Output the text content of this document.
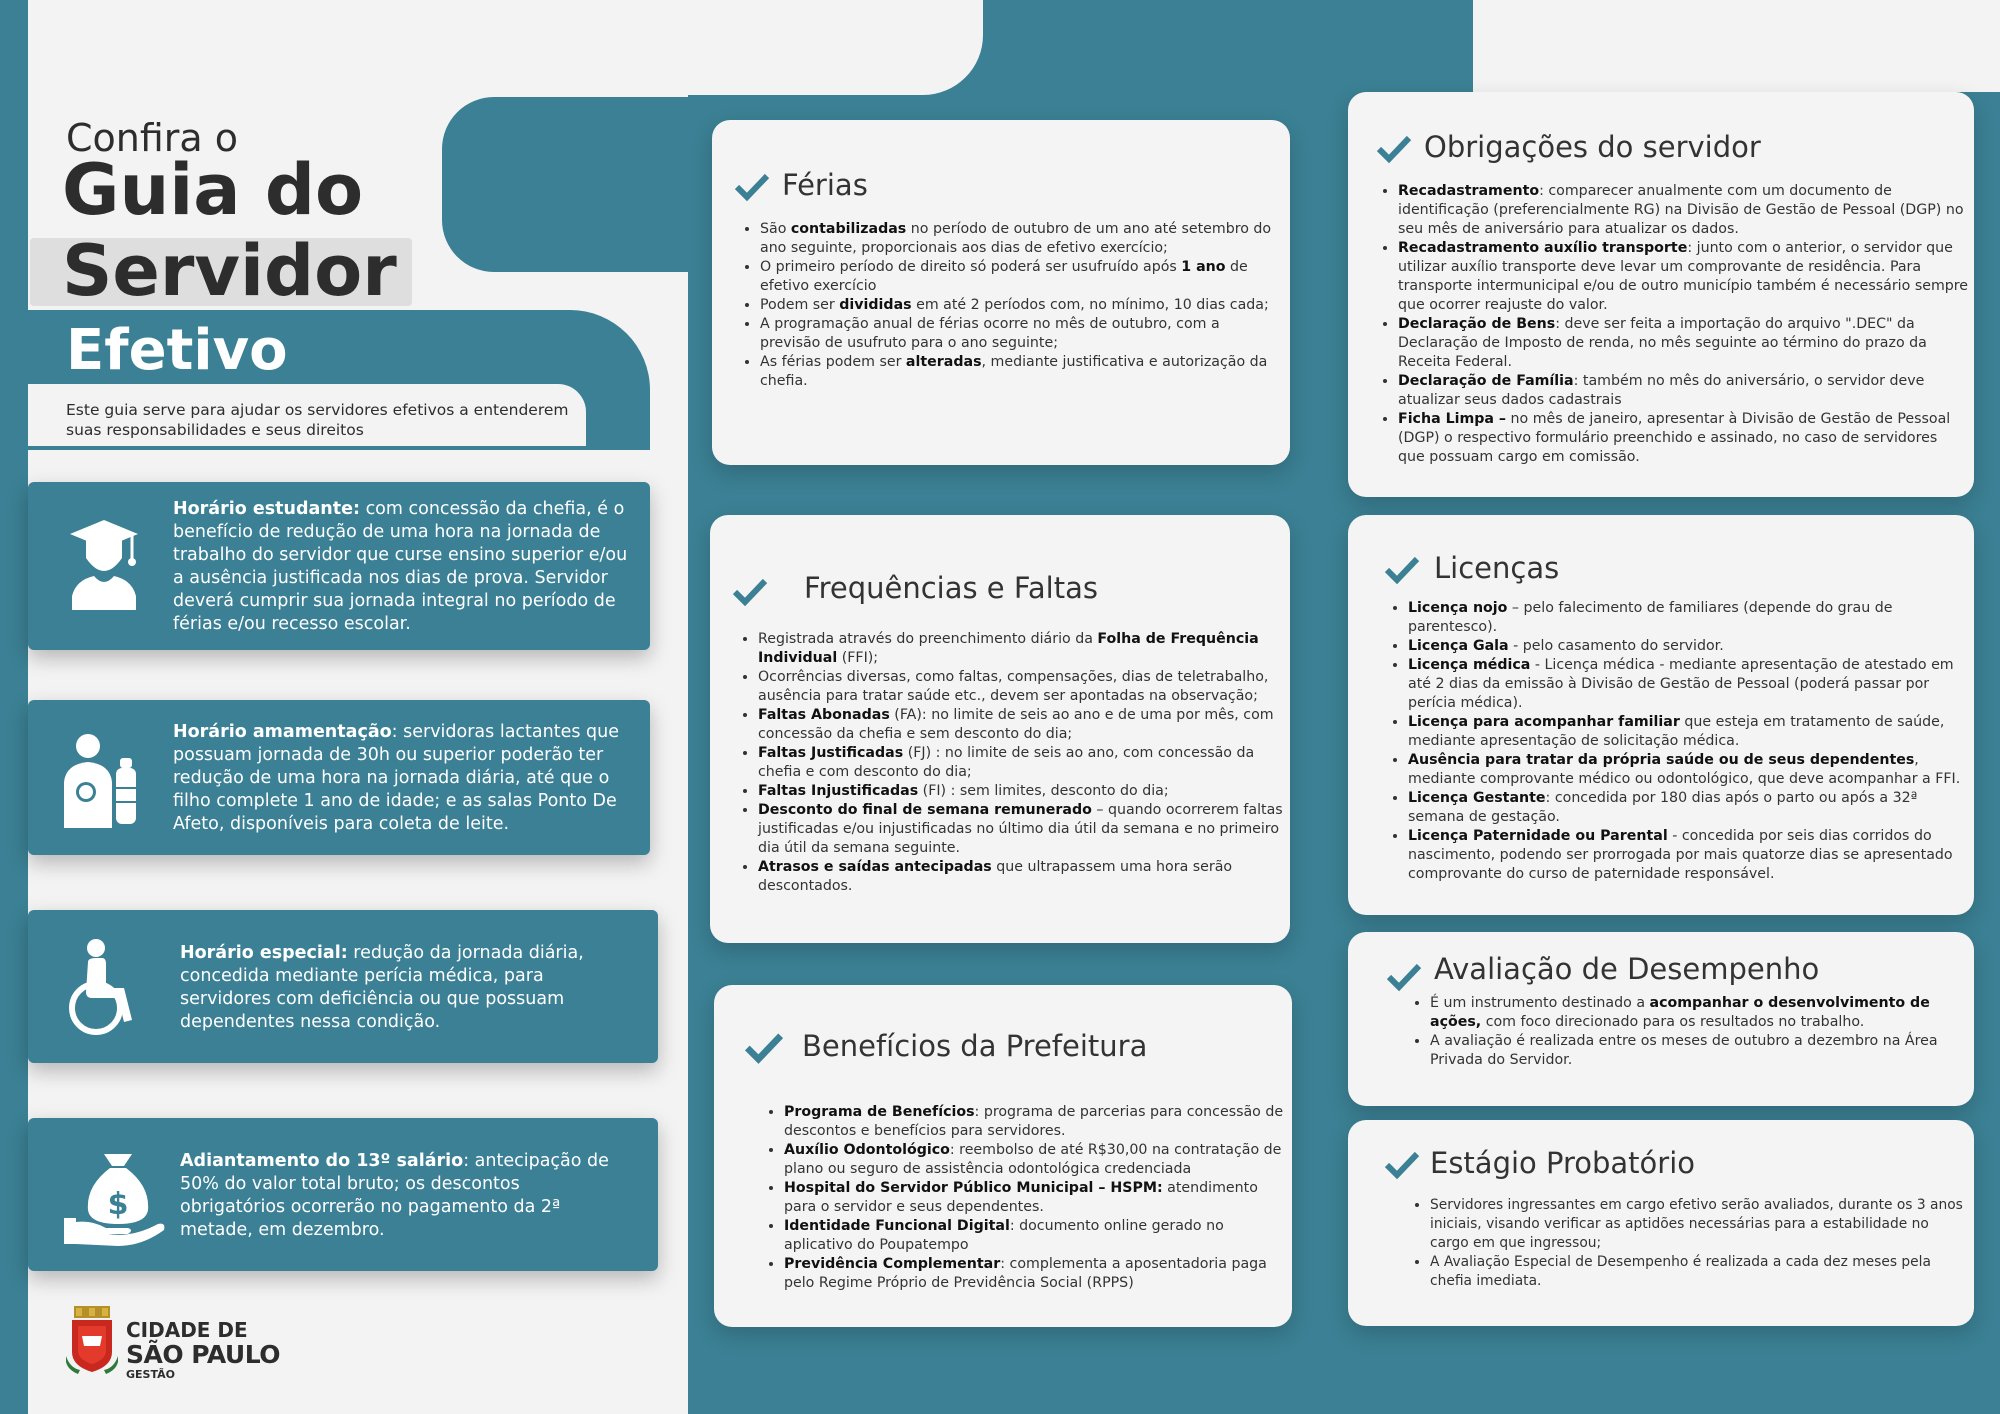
Confira o
Guia do
Servidor
Efetivo
Este guia serve para ajudar os servidores efetivos a entenderem suas responsabilidades e seus direitos

Horário estudante: com concessão da chefia, é o benefício de redução de uma hora na jornada de trabalho do servidor que curse ensino superior e/ou a ausência justificada nos dias de prova. Servidor deverá cumprir sua jornada integral no período de férias e/ou recesso escolar.

Horário amamentação: servidoras lactantes que possuam jornada de 30h ou superior poderão ter redução de uma hora na jornada diária, até que o filho complete 1 ano de idade; e as salas Ponto De Afeto, disponíveis para coleta de leite.

Horário especial: redução da jornada diária, concedida mediante perícia médica, para servidores com deficiência ou que possuam dependentes nessa condição.

$

Adiantamento do 13º salário: antecipação de 50% do valor total bruto; os descontos obrigatórios ocorrerão no pagamento da 2ª metade, em dezembro.

CIDADE DE
SÃO PAULO
GESTÃO
Férias
• São contabilizadas no período de outubro de um ano até setembro do ano seguinte, proporcionais aos dias de efetivo exercício;
• O primeiro período de direito só poderá ser usufruído após 1 ano de efetivo exercício
• Podem ser divididas em até 2 períodos com, no mínimo, 10 dias cada;
• A programação anual de férias ocorre no mês de outubro, com a previsão de usufruto para o ano seguinte;
• As férias podem ser alteradas, mediante justificativa e autorização da chefia.
Frequências e Faltas
• Registrada através do preenchimento diário da Folha de Frequência Individual (FFI);
• Ocorrências diversas, como faltas, compensações, dias de teletrabalho, ausência para tratar saúde etc., devem ser apontadas na observação;
• Faltas Abonadas (FA): no limite de seis ao ano e de uma por mês, com concessão da chefia e sem desconto do dia;
• Faltas Justificadas (FJ) : no limite de seis ao ano, com concessão da chefia e com desconto do dia;
• Faltas Injustificadas (FI) : sem limites, desconto do dia;
• Desconto do final de semana remunerado – quando ocorrerem faltas justificadas e/ou injustificadas no último dia útil da semana e no primeiro dia útil da semana seguinte.
• Atrasos e saídas antecipadas que ultrapassem uma hora serão descontados.
Benefícios da Prefeitura
• Programa de Benefícios: programa de parcerias para concessão de descontos e benefícios para servidores.
• Auxílio Odontológico: reembolso de até R$30,00 na contratação de plano ou seguro de assistência odontológica credenciada
• Hospital do Servidor Público Municipal – HSPM: atendimento para o servidor e seus dependentes.
• Identidade Funcional Digital: documento online gerado no aplicativo do Poupatempo
• Previdência Complementar: complementa a aposentadoria paga pelo Regime Próprio de Previdência Social (RPPS)
Obrigações do servidor
• Recadastramento: comparecer anualmente com um documento de identificação (preferencialmente RG) na Divisão de Gestão de Pessoal (DGP) no seu mês de aniversário para atualizar os dados.
• Recadastramento auxílio transporte: junto com o anterior, o servidor que utilizar auxílio transporte deve levar um comprovante de residência. Para transporte intermunicipal e/ou de outro município também é necessário sempre que ocorrer reajuste do valor.
• Declaração de Bens: deve ser feita a importação do arquivo ".DEC" da Declaração de Imposto de renda, no mês seguinte ao término do prazo da Receita Federal.
• Declaração de Família: também no mês do aniversário, o servidor deve atualizar seus dados cadastrais
• Ficha Limpa – no mês de janeiro, apresentar à Divisão de Gestão de Pessoal (DGP) o respectivo formulário preenchido e assinado, no caso de servidores que possuam cargo em comissão.
Licenças
• Licença nojo – pelo falecimento de familiares (depende do grau de parentesco).
• Licença Gala - pelo casamento do servidor.
• Licença médica - Licença médica - mediante apresentação de atestado em até 2 dias da emissão à Divisão de Gestão de Pessoal (poderá passar por perícia médica).
• Licença para acompanhar familiar que esteja em tratamento de saúde, mediante apresentação de solicitação médica.
• Ausência para tratar da própria saúde ou de seus dependentes, mediante comprovante médico ou odontológico, que deve acompanhar a FFI.
• Licença Gestante: concedida por 180 dias após o parto ou após a 32ª semana de gestação.
• Licença Paternidade ou Parental - concedida por seis dias corridos do nascimento, podendo ser prorrogada por mais quatorze dias se apresentado comprovante do curso de paternidade responsável.
Avaliação de Desempenho
• É um instrumento destinado a acompanhar o desenvolvimento de ações, com foco direcionado para os resultados no trabalho.
• A avaliação é realizada entre os meses de outubro a dezembro na Área Privada do Servidor.
Estágio Probatório
• Servidores ingressantes em cargo efetivo serão avaliados, durante os 3 anos iniciais, visando verificar as aptidões necessárias para a estabilidade no cargo em que ingressou;
• A Avaliação Especial de Desempenho é realizada a cada dez meses pela chefia imediata.
